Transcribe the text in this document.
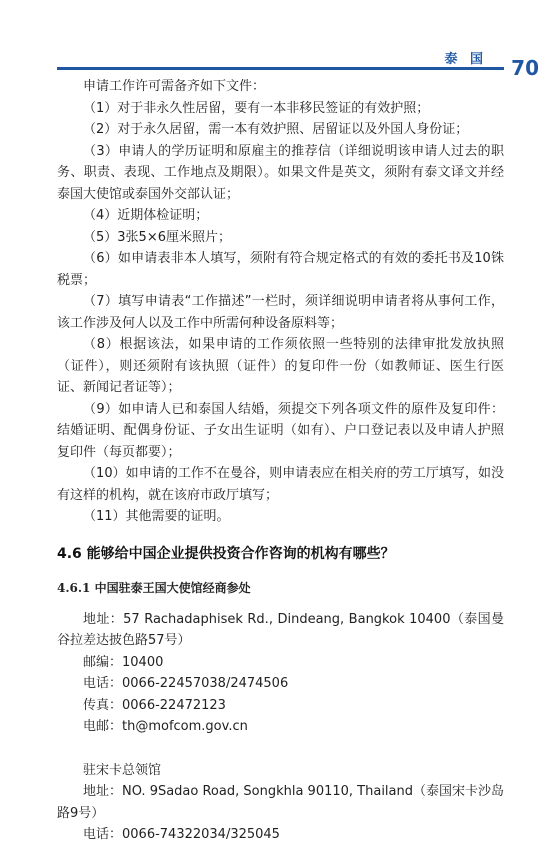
泰 国 70

申请工作许可需备齐如下文件：

（1）对于非永久性居留，要有一本非移民签证的有效护照；

（2）对于永久居留，需一本有效护照、居留证以及外国人身份证；

（3）申请人的学历证明和原雇主的推荐信（详细说明该申请人过去的职务、职责、表现、工作地点及期限）。如果文件是英文，须附有泰文译文并经泰国大使馆或泰国外交部认证；

（4）近期体检证明；

（5）3张5×6厘米照片；

（6）如申请表非本人填写，须附有符合规定格式的有效的委托书及10铢税票；

（7）填写申请表“工作描述”一栏时，须详细说明申请者将从事何工作，该工作涉及何人以及工作中所需何种设备原料等；

（8）根据该法，如果申请的工作须依照一些特别的法律审批发放执照（证件），则还须附有该执照（证件）的复印件一份（如教师证、医生行医证、新闻记者证等）；

（9）如申请人已和泰国人结婚，须提交下列各项文件的原件及复印件：结婚证明、配偶身份证、子女出生证明（如有）、户口登记表以及申请人护照复印件（每页都要）；

（10）如申请的工作不在曼谷，则申请表应在相关府的劳工厅填写，如没有这样的机构，就在该府市政厅填写；

（11）其他需要的证明。

4.6 能够给中国企业提供投资合作咨询的机构有哪些？
4.6.1 中国驻泰王国大使馆经商参处

地址：57 Rachadaphisek Rd., Dindeang, Bangkok 10400（泰国曼谷拉差达披色路57号）

邮编：10400

电话：0066-22457038/2474506

传真：0066-22472123

电邮：th@mofcom.gov.cn

驻宋卡总领馆

地址：NO. 9Sadao Road, Songkhla 90110, Thailand（泰国宋卡沙岛路9号）

电话：0066-74322034/325045
